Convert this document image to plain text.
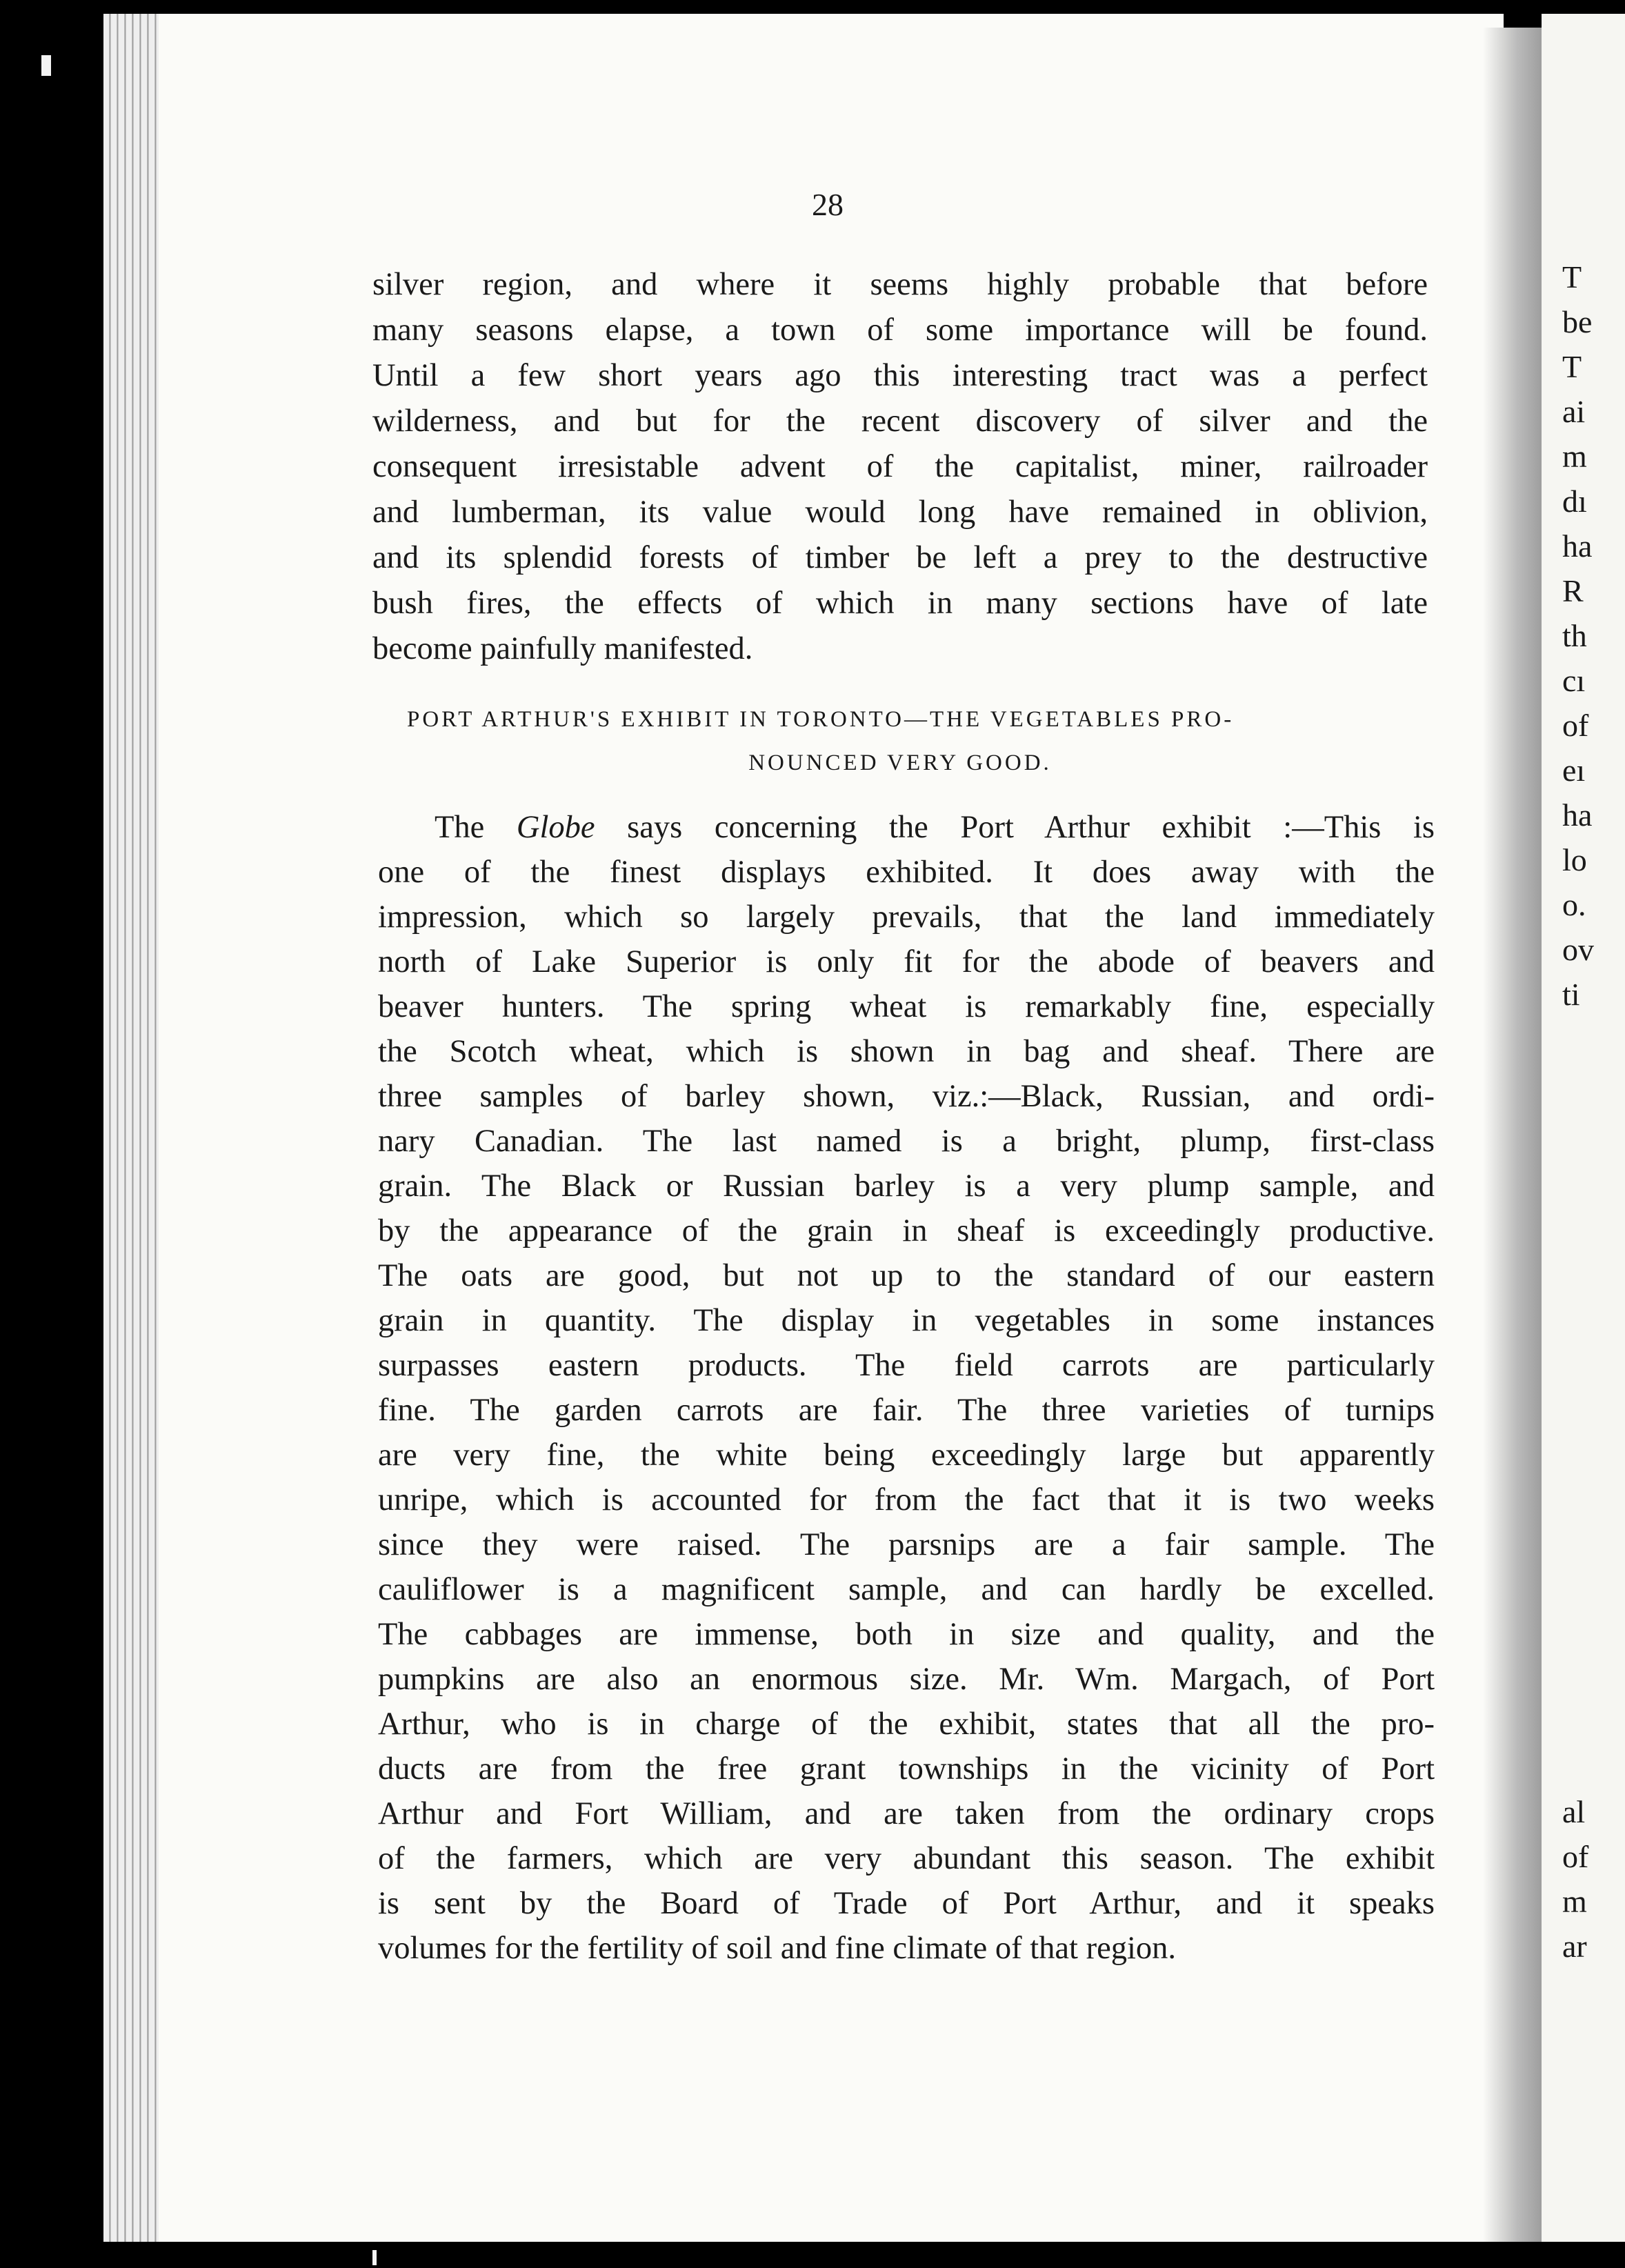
T
be
T
ai
m
dı
ha
R
th
cı
of
eı
ha
lo
o.
ov
ti
al
of
m
ar
28
silver region, and where it seems highly probable that before
many seasons elapse, a town of some importance will be found.
Until a few short years ago this interesting tract was a perfect
wilderness, and but for the recent discovery of silver and the
consequent irresistable advent of the capitalist, miner, railroader
and lumberman, its value would long have remained in oblivion,
and its splendid forests of timber be left a prey to the destructive
bush fires, the effects of which in many sections have of late
become painfully manifested.
PORT ARTHUR'S EXHIBIT IN TORONTO—THE VEGETABLES PRO-
NOUNCED VERY GOOD.
The Globe says concerning the Port Arthur exhibit :—This is
one of the finest displays exhibited. It does away with the
impression, which so largely prevails, that the land immediately
north of Lake Superior is only fit for the abode of beavers and
beaver hunters. The spring wheat is remarkably fine, especially
the Scotch wheat, which is shown in bag and sheaf. There are
three samples of barley shown, viz.:—Black, Russian, and ordi-
nary Canadian. The last named is a bright, plump, first-class
grain. The Black or Russian barley is a very plump sample, and
by the appearance of the grain in sheaf is exceedingly productive.
The oats are good, but not up to the standard of our eastern
grain in quantity. The display in vegetables in some instances
surpasses eastern products. The field carrots are particularly
fine. The garden carrots are fair. The three varieties of turnips
are very fine, the white being exceedingly large but apparently
unripe, which is accounted for from the fact that it is two weeks
since they were raised. The parsnips are a fair sample. The
cauliflower is a magnificent sample, and can hardly be excelled.
The cabbages are immense, both in size and quality, and the
pumpkins are also an enormous size. Mr. Wm. Margach, of Port
Arthur, who is in charge of the exhibit, states that all the pro-
ducts are from the free grant townships in the vicinity of Port
Arthur and Fort William, and are taken from the ordinary crops
of the farmers, which are very abundant this season. The exhibit
is sent by the Board of Trade of Port Arthur, and it speaks
volumes for the fertility of soil and fine climate of that region.
